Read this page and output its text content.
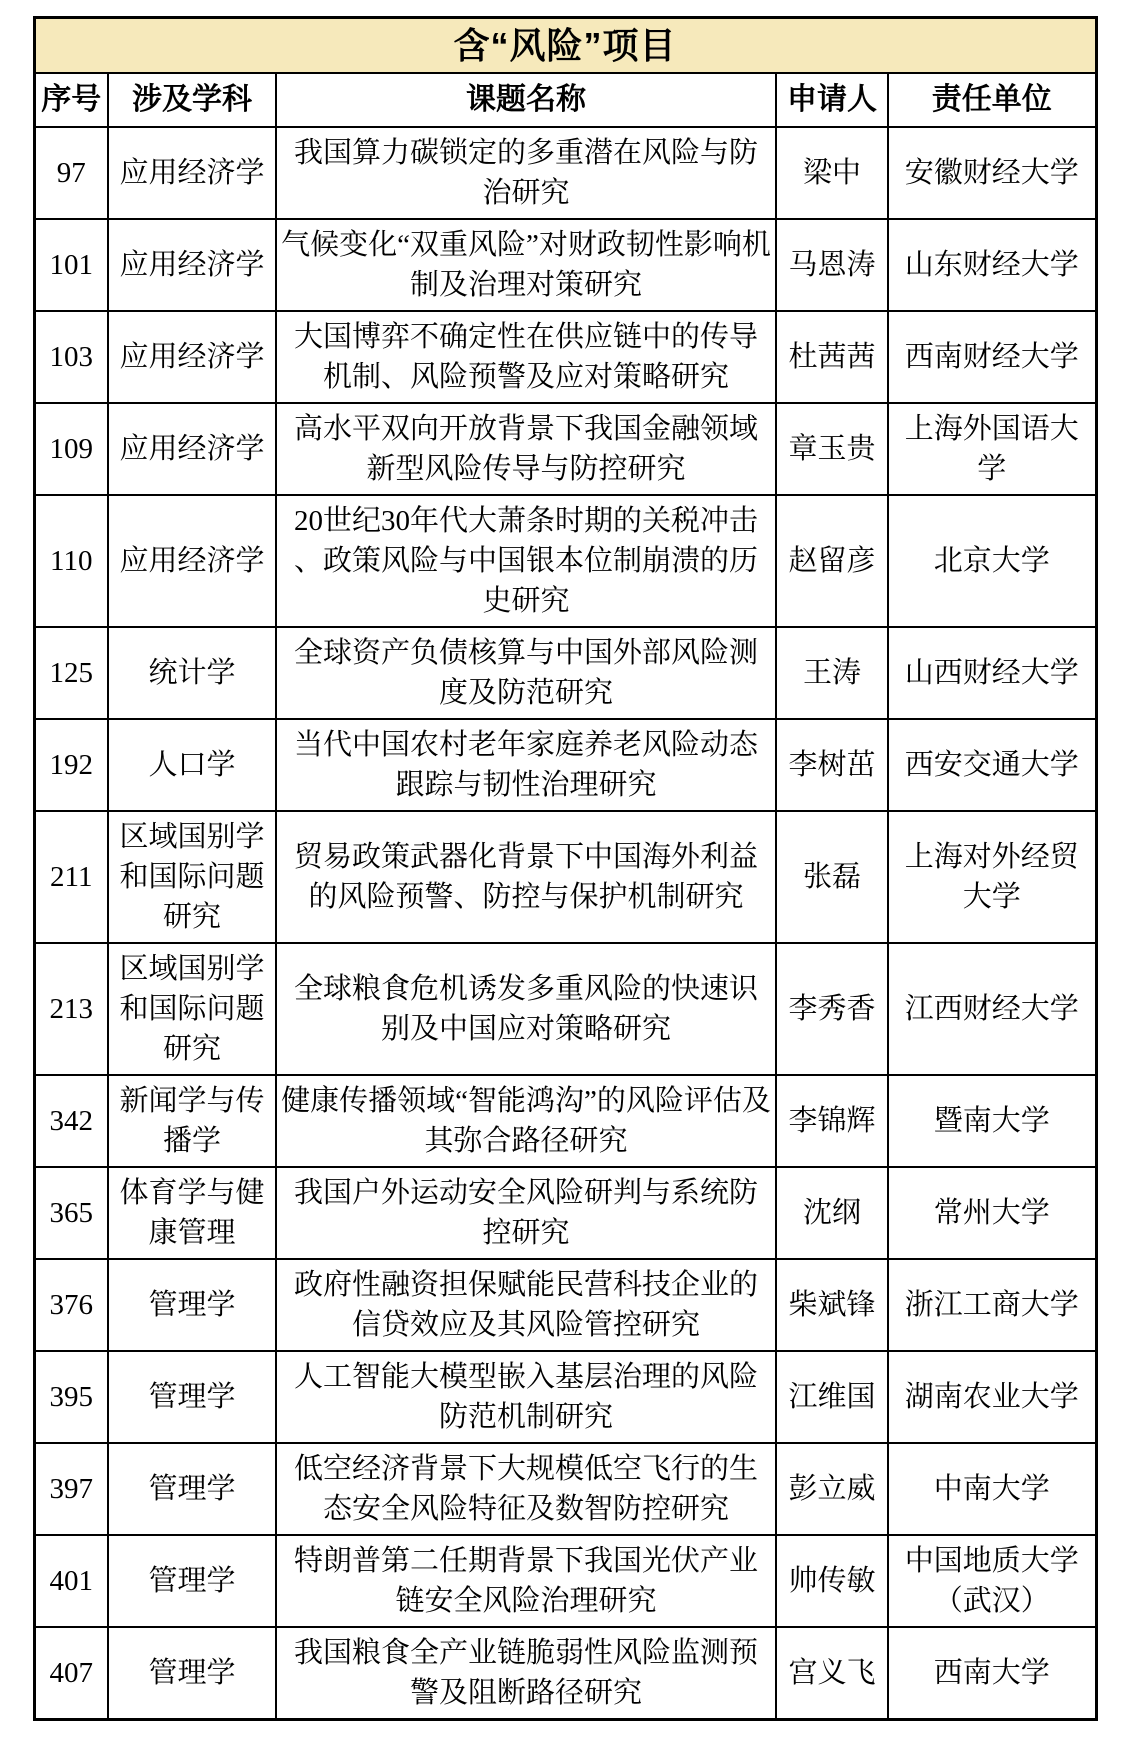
含“风险”项目				
序号	涉及学科	课题名称	申请人	责任单位
97	应用经济学	我国算力碳锁定的多重潜在风险与防治研究	梁中	安徽财经大学
101	应用经济学	气候变化“双重风险”对财政韧性影响机制及治理对策研究	马恩涛	山东财经大学
103	应用经济学	大国博弈不确定性在供应链中的传导机制、风险预警及应对策略研究	杜茜茜	西南财经大学
109	应用经济学	高水平双向开放背景下我国金融领域新型风险传导与防控研究	章玉贵	上海外国语大学
110	应用经济学	20世纪30年代大萧条时期的关税冲击、政策风险与中国银本位制崩溃的历史研究	赵留彦	北京大学
125	统计学	全球资产负债核算与中国外部风险测度及防范研究	王涛	山西财经大学
192	人口学	当代中国农村老年家庭养老风险动态跟踪与韧性治理研究	李树茁	西安交通大学
211	区域国别学和国际问题研究	贸易政策武器化背景下中国海外利益的风险预警、防控与保护机制研究	张磊	上海对外经贸大学
213	区域国别学和国际问题研究	全球粮食危机诱发多重风险的快速识别及中国应对策略研究	李秀香	江西财经大学
342	新闻学与传播学	健康传播领域“智能鸿沟”的风险评估及其弥合路径研究	李锦辉	暨南大学
365	体育学与健康管理	我国户外运动安全风险研判与系统防控研究	沈纲	常州大学
376	管理学	政府性融资担保赋能民营科技企业的信贷效应及其风险管控研究	柴斌锋	浙江工商大学
395	管理学	人工智能大模型嵌入基层治理的风险防范机制研究	江维国	湖南农业大学
397	管理学	低空经济背景下大规模低空飞行的生态安全风险特征及数智防控研究	彭立威	中南大学
401	管理学	特朗普第二任期背景下我国光伏产业链安全风险治理研究	帅传敏	中国地质大学（武汉）
407	管理学	我国粮食全产业链脆弱性风险监测预警及阻断路径研究	宫义飞	西南大学
